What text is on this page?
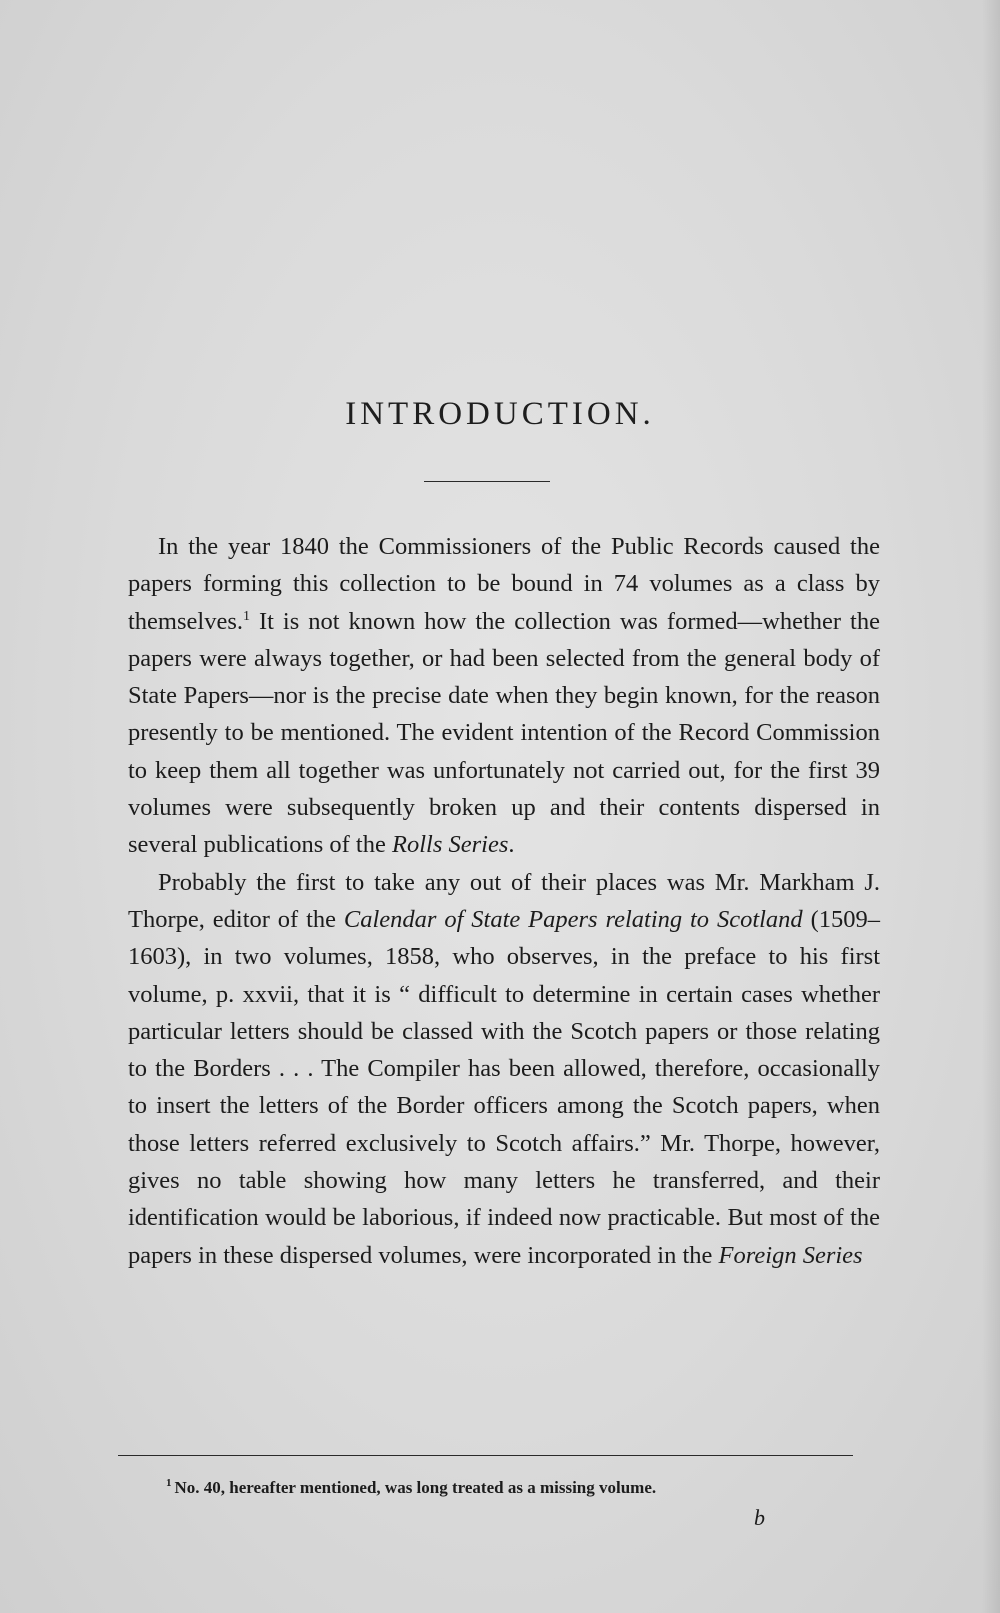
INTRODUCTION.

In the year 1840 the Commissioners of the Public Records caused the papers forming this collection to be bound in 74 volumes as a class by themselves.$^1$ It is not known how the collection was formed—whether the papers were always together, or had been selected from the general body of State Papers—nor is the precise date when they begin known, for the reason presently to be mentioned. The evident intention of the Record Commission to keep them all together was unfortunately not carried out, for the first 39 volumes were subsequently broken up and their contents dispersed in several publications of the Rolls Series.

Probably the first to take any out of their places was Mr. Markham J. Thorpe, editor of the Calendar of State Papers relating to Scotland (1509–1603), in two volumes, 1858, who observes, in the preface to his first volume, p. xxvii, that it is “ difficult to determine in certain cases whether particular letters should be classed with the Scotch papers or those relating to the Borders . . . The Compiler has been allowed, therefore, occasionally to insert the letters of the Border officers among the Scotch papers, when those letters referred exclusively to Scotch affairs.” Mr. Thorpe, however, gives no table showing how many letters he transferred, and their identification would be laborious, if indeed now practicable. But most of the papers in these dispersed volumes, were incorporated in the Foreign Series

$^1$ No. 40, hereafter mentioned, was long treated as a missing volume.

b
